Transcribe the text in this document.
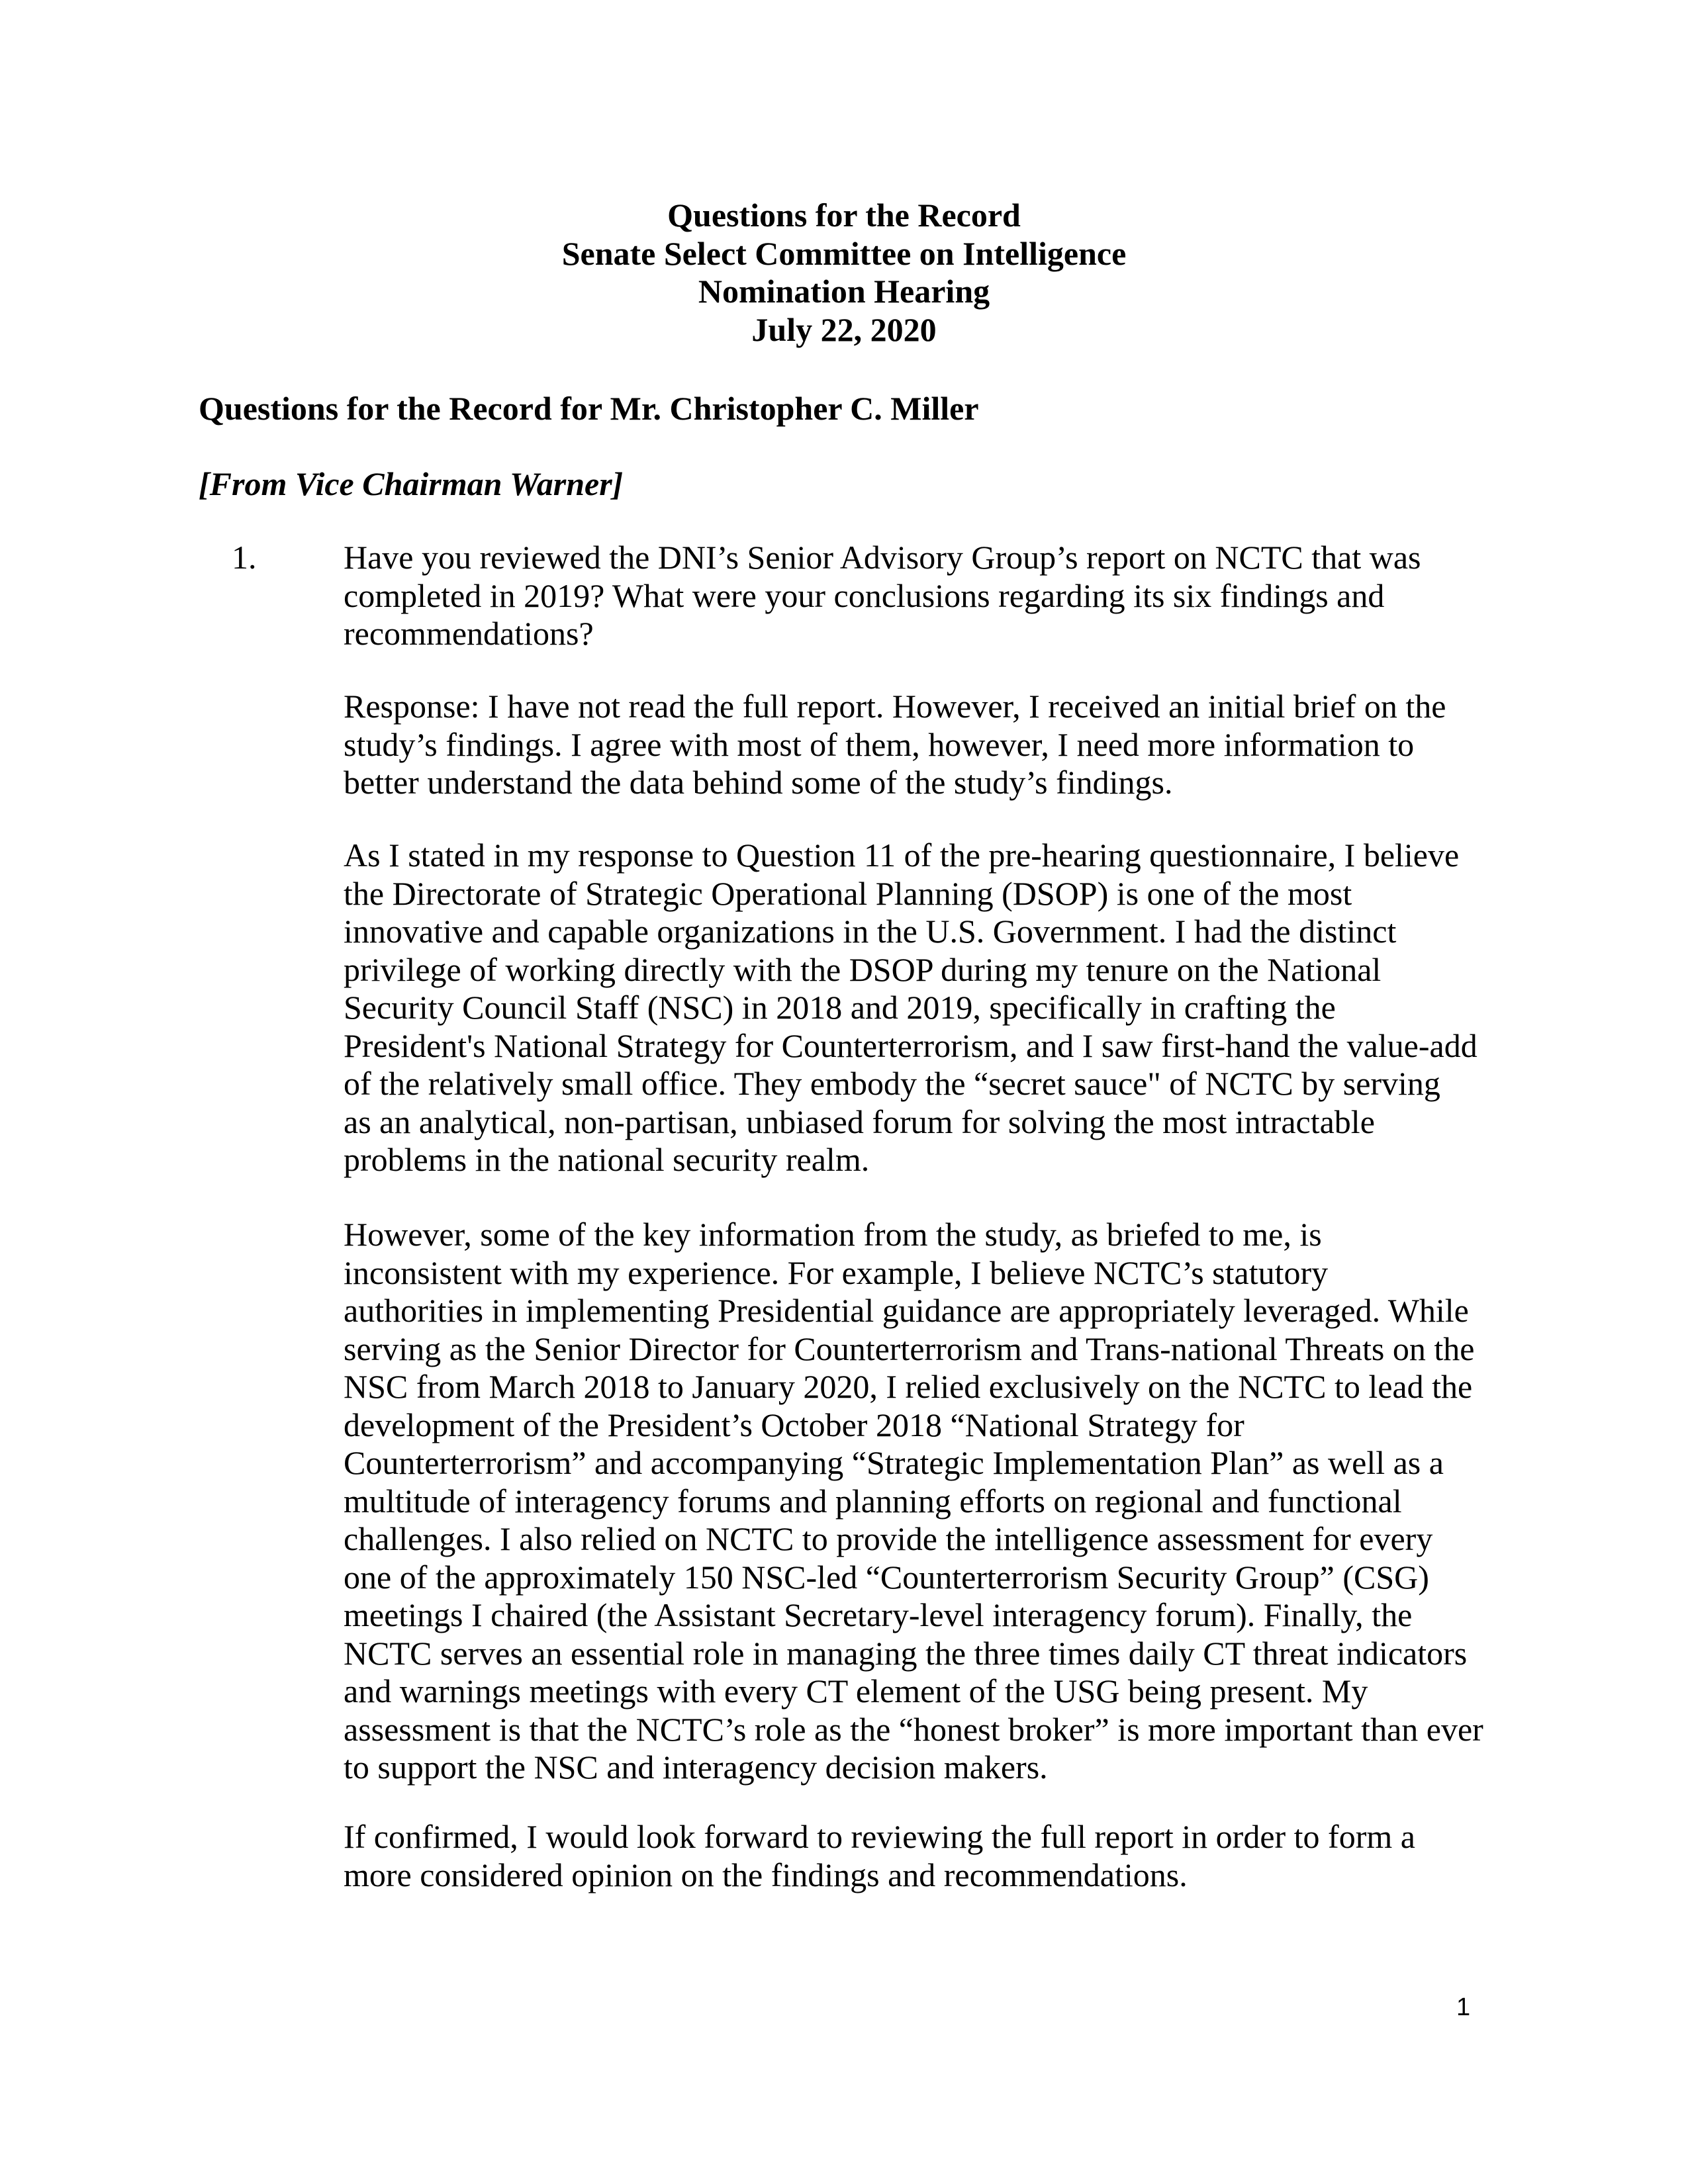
Questions for the Record
Senate Select Committee on Intelligence
Nomination Hearing
July 22, 2020
Questions for the Record for Mr. Christopher C. Miller
[From Vice Chairman Warner]
1.	Have you reviewed the DNI’s Senior Advisory Group’s report on NCTC that was
completed in 2019? What were your conclusions regarding its six findings and
recommendations?
Response: I have not read the full report. However, I received an initial brief on the
study’s findings. I agree with most of them, however, I need more information to
better understand the data behind some of the study’s findings.
As I stated in my response to Question 11 of the pre-hearing questionnaire, I believe
the Directorate of Strategic Operational Planning (DSOP) is one of the most
innovative and capable organizations in the U.S. Government. I had the distinct
privilege of working directly with the DSOP during my tenure on the National
Security Council Staff (NSC) in 2018 and 2019, specifically in crafting the
President's National Strategy for Counterterrorism, and I saw first-hand the value-add
of the relatively small office. They embody the “secret sauce" of NCTC by serving
as an analytical, non-partisan, unbiased forum for solving the most intractable
problems in the national security realm.
However, some of the key information from the study, as briefed to me, is
inconsistent with my experience. For example, I believe NCTC’s statutory
authorities in implementing Presidential guidance are appropriately leveraged. While
serving as the Senior Director for Counterterrorism and Trans-national Threats on the
NSC from March 2018 to January 2020, I relied exclusively on the NCTC to lead the
development of the President’s October 2018 “National Strategy for
Counterterrorism” and accompanying “Strategic Implementation Plan” as well as a
multitude of interagency forums and planning efforts on regional and functional
challenges. I also relied on NCTC to provide the intelligence assessment for every
one of the approximately 150 NSC-led “Counterterrorism Security Group” (CSG)
meetings I chaired (the Assistant Secretary-level interagency forum). Finally, the
NCTC serves an essential role in managing the three times daily CT threat indicators
and warnings meetings with every CT element of the USG being present. My
assessment is that the NCTC’s role as the “honest broker” is more important than ever
to support the NSC and interagency decision makers.
If confirmed, I would look forward to reviewing the full report in order to form a
more considered opinion on the findings and recommendations.
1
